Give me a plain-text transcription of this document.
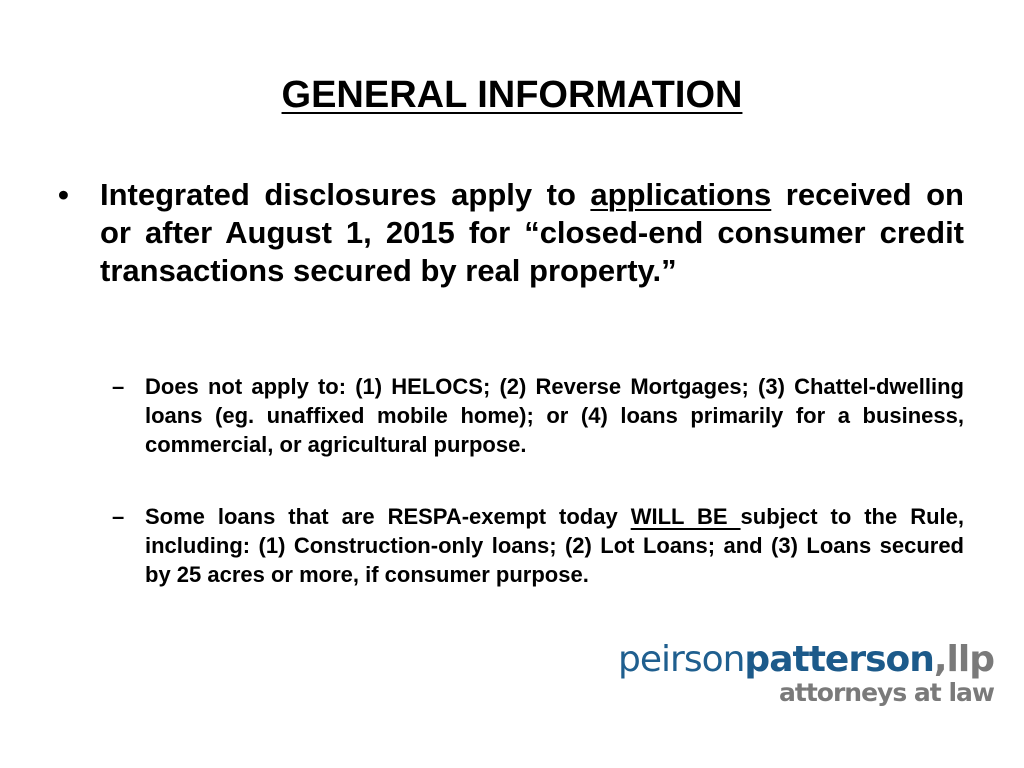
GENERAL INFORMATION
•	Integrated disclosures apply to applications received on or after August 1, 2015 for “closed-end consumer credit transactions secured by real property.”
– Does not apply to: (1) HELOCS; (2) Reverse Mortgages; (3) Chattel-dwelling loans (eg. unaffixed mobile home); or (4) loans primarily for a business, commercial, or agricultural purpose.
– Some loans that are RESPA-exempt today WILL BE subject to the Rule, including: (1) Construction-only loans; (2) Lot Loans; and (3) Loans secured by 25 acres or more, if consumer purpose.
peirsonpatterson,llp
attorneys at law
